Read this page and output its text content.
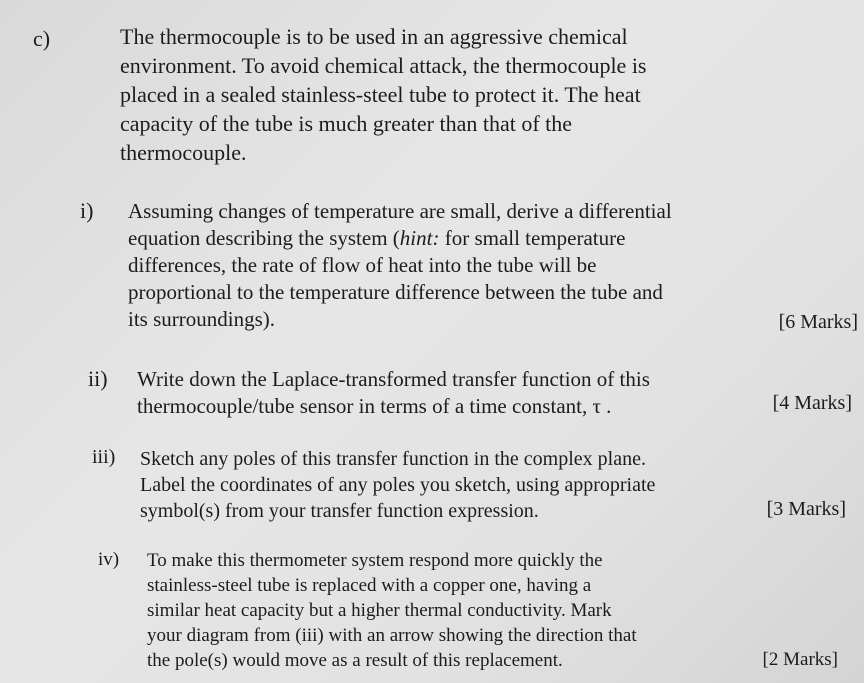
c)	The thermocouple is to be used in an aggressive chemical
environment. To avoid chemical attack, the thermocouple is
placed in a sealed stainless-steel tube to protect it. The heat
capacity of the tube is much greater than that of the
thermocouple.
i) Assuming changes of temperature are small, derive a differential
equation describing the system (hint: for small temperature
differences, the rate of flow of heat into the tube will be
proportional to the temperature difference between the tube and
its surroundings).	[6 Marks]
ii) Write down the Laplace-transformed transfer function of this
thermocouple/tube sensor in terms of a time constant, τ .	[4 Marks]
iii) Sketch any poles of this transfer function in the complex plane.
Label the coordinates of any poles you sketch, using appropriate
symbol(s) from your transfer function expression.	[3 Marks]
iv) To make this thermometer system respond more quickly the
stainless-steel tube is replaced with a copper one, having a
similar heat capacity but a higher thermal conductivity. Mark
your diagram from (iii) with an arrow showing the direction that
the pole(s) would move as a result of this replacement.	[2 Marks]
